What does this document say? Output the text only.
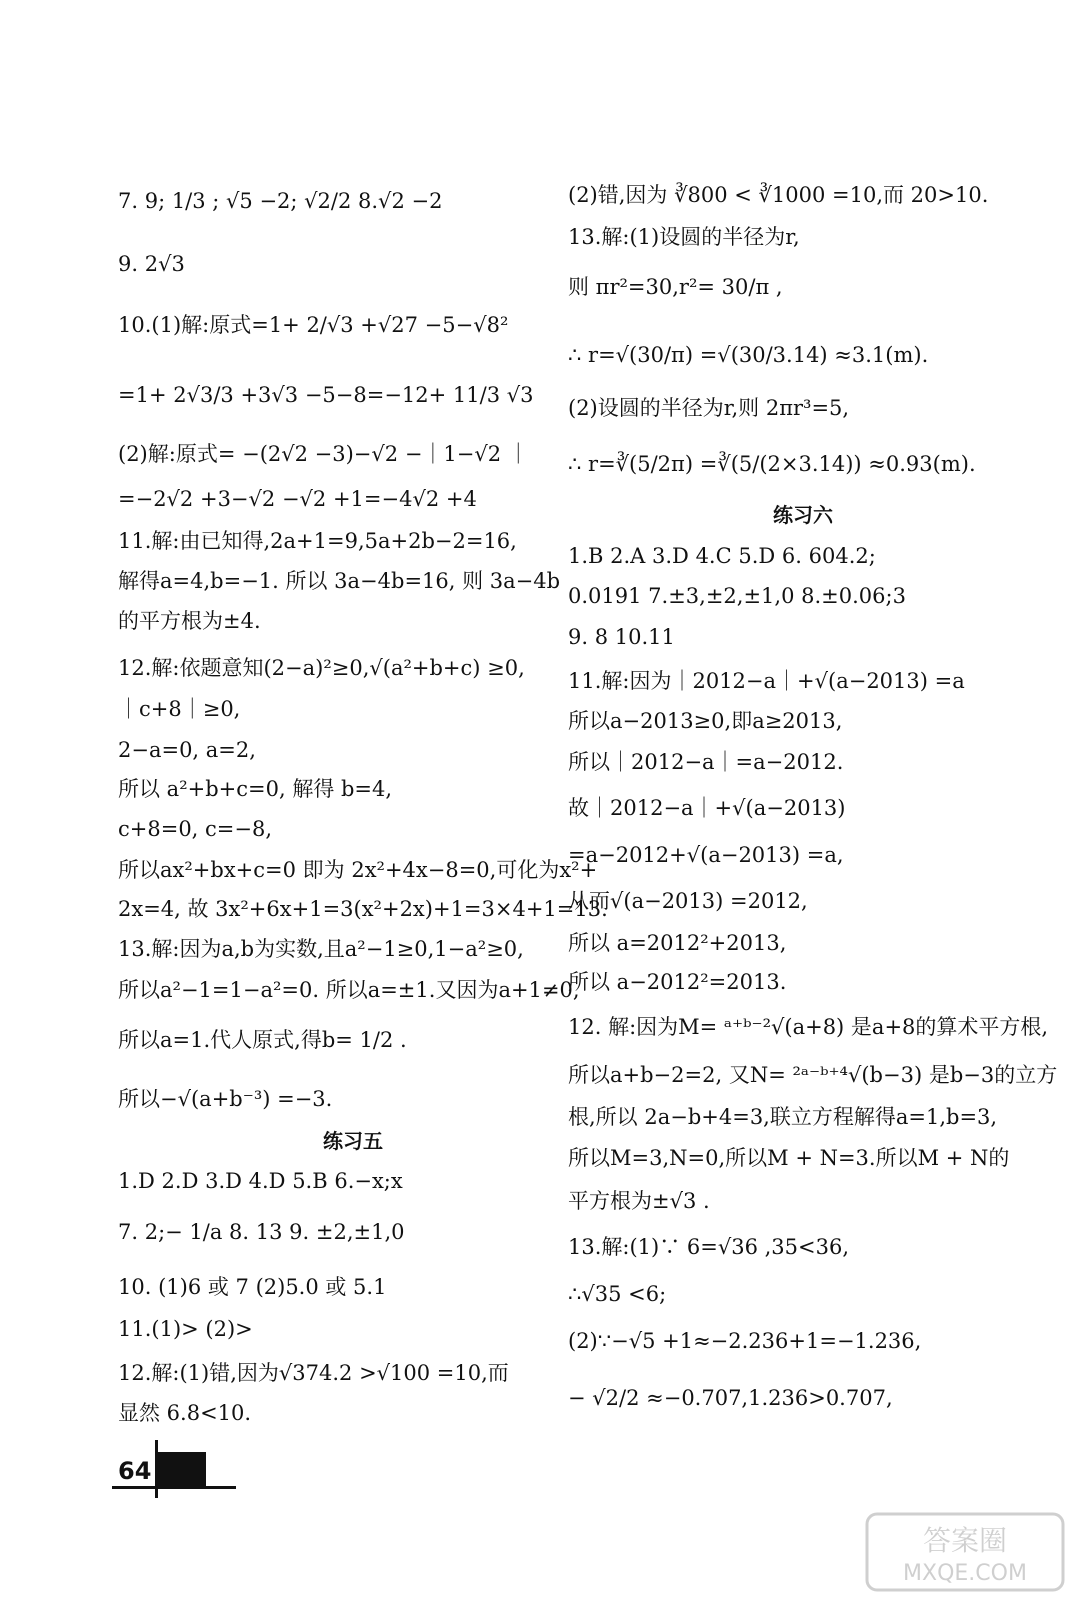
7. 9; 1/3 ; √5 −2; √2/2 8.√2 −2
9. 2√3
10.(1)解:原式=1+ 2/√3 +√27 −5−√8²
=1+ 2√3/3 +3√3 −5−8=−12+ 11/3 √3
(2)解:原式= −(2√2 −3)−√2 −｜1−√2 ｜
=−2√2 +3−√2 −√2 +1=−4√2 +4
11.解:由已知得,2a+1=9,5a+2b−2=16,
解得a=4,b=−1. 所以 3a−4b=16, 则 3a−4b
的平方根为±4.
12.解:依题意知(2−a)²≥0,√(a²+b+c) ≥0,
｜c+8｜≥0,
2−a=0, a=2,
所以 a²+b+c=0, 解得 b=4,
c+8=0, c=−8,
所以ax²+bx+c=0 即为 2x²+4x−8=0,可化为x²+
2x=4, 故 3x²+6x+1=3(x²+2x)+1=3×4+1=13.
13.解:因为a,b为实数,且a²−1≥0,1−a²≥0,
所以a²−1=1−a²=0. 所以a=±1.又因为a+1≠0,
所以a=1.代人原式,得b= 1/2 .
所以−√(a+b⁻³) =−3.
练习五
1.D 2.D 3.D 4.D 5.B 6.−x;x
7. 2;− 1/a 8. 13 9. ±2,±1,0
10. (1)6 或 7 (2)5.0 或 5.1
11.(1)> (2)>
12.解:(1)错,因为√374.2 >√100 =10,而
显然 6.8<10.
(2)错,因为 ∛800 < ∛1000 =10,而 20>10.
13.解:(1)设圆的半径为r,
则 πr²=30,r²= 30/π ,
∴ r=√(30/π) =√(30/3.14) ≈3.1(m).
(2)设圆的半径为r,则 2πr³=5,
∴ r=∛(5/2π) =∛(5/(2×3.14)) ≈0.93(m).
练习六
1.B 2.A 3.D 4.C 5.D 6. 604.2;
0.0191 7.±3,±2,±1,0 8.±0.06;3
9. 8 10.11
11.解:因为｜2012−a｜+√(a−2013) =a
所以a−2013≥0,即a≥2013,
所以｜2012−a｜=a−2012.
故｜2012−a｜+√(a−2013)
=a−2012+√(a−2013) =a,
从而√(a−2013) =2012,
所以 a=2012²+2013,
所以 a−2012²=2013.
12. 解:因为M= ᵃ⁺ᵇ⁻²√(a+8) 是a+8的算术平方根,
所以a+b−2=2, 又N= ²ᵃ⁻ᵇ⁺⁴√(b−3) 是b−3的立方
根,所以 2a−b+4=3,联立方程解得a=1,b=3,
所以M=3,N=0,所以M + N=3.所以M + N的
平方根为±√3 .
13.解:(1)∵ 6=√36 ,35<36,
∴√35 <6;
(2)∵−√5 +1≈−2.236+1=−1.236,
− √2/2 ≈−0.707,1.236>0.707,
64
答案圈
MXQE.COM
